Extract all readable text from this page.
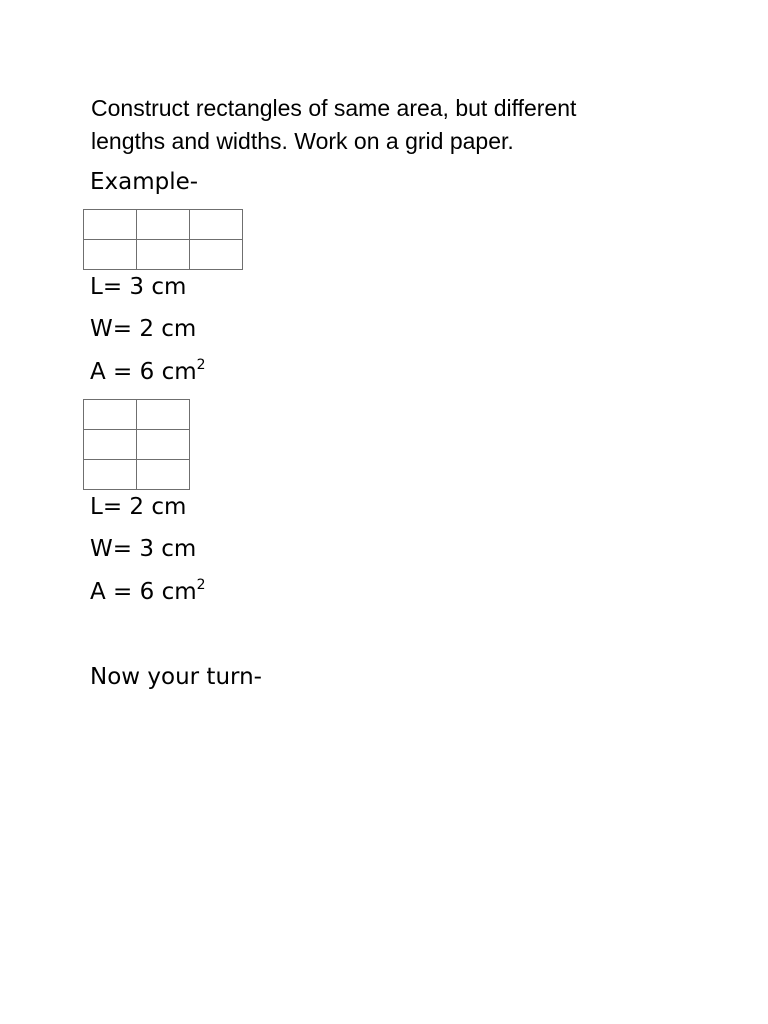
Construct rectangles of same area, but different
lengths and widths. Work on a grid paper.
Example-

L= 3 cm
W= 2 cm
A = 6 $cm^2$

L= 2 cm
W= 3 cm
A = 6 $cm^2$
Now your turn-
